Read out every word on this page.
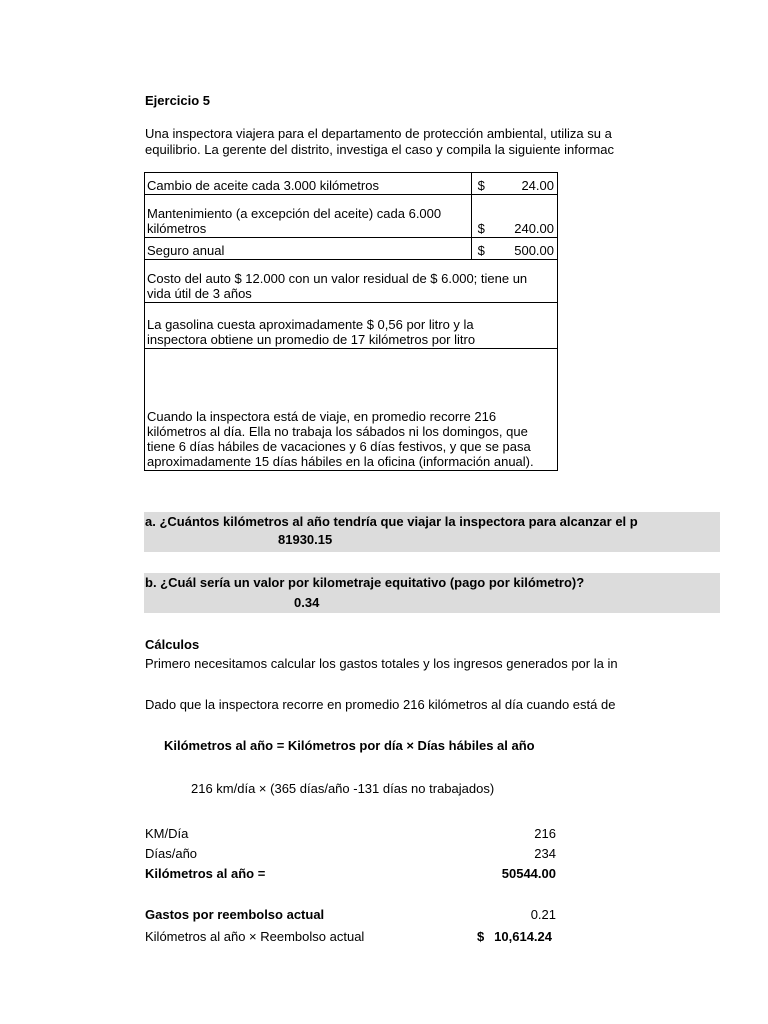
Ejercicio 5
Una inspectora viajera para el departamento de protección ambiental, utiliza su a
equilibrio. La gerente del distrito, investiga el caso y compila la siguiente informac
Cambio de aceite cada 3.000 kilómetros	$	24.00
Mantenimiento (a excepción del aceite) cada 6.000
kilómetros	$	240.00
Seguro anual	$	500.00
Costo del auto $ 12.000 con un valor residual de $ 6.000; tiene un
vida útil de 3 años		
La gasolina cuesta aproximadamente $ 0,56 por litro y la
inspectora obtiene un promedio de 17 kilómetros por litro		
Cuando la inspectora está de viaje, en promedio recorre 216
kilómetros al día. Ella no trabaja los sábados ni los domingos, que
tiene 6 días hábiles de vacaciones y 6 días festivos, y que se pasa
aproximadamente 15 días hábiles en la oficina (información anual).		
a. ¿Cuántos kilómetros al año tendría que viajar la inspectora para alcanzar el p
81930.15
b. ¿Cuál sería un valor por kilometraje equitativo (pago por kilómetro)?
0.34
Cálculos
Primero necesitamos calcular los gastos totales y los ingresos generados por la in
Dado que la inspectora recorre en promedio 216 kilómetros al día cuando está de
Kilómetros al año = Kilómetros por día × Días hábiles al año
216 km/día × (365 días/año -131 días no trabajados)
KM/Día	216
Días/año	234
Kilómetros al año =	50544.00
Gastos por reembolso actual	0.21
Kilómetros al año × Reembolso actual	$ 10,614.24
